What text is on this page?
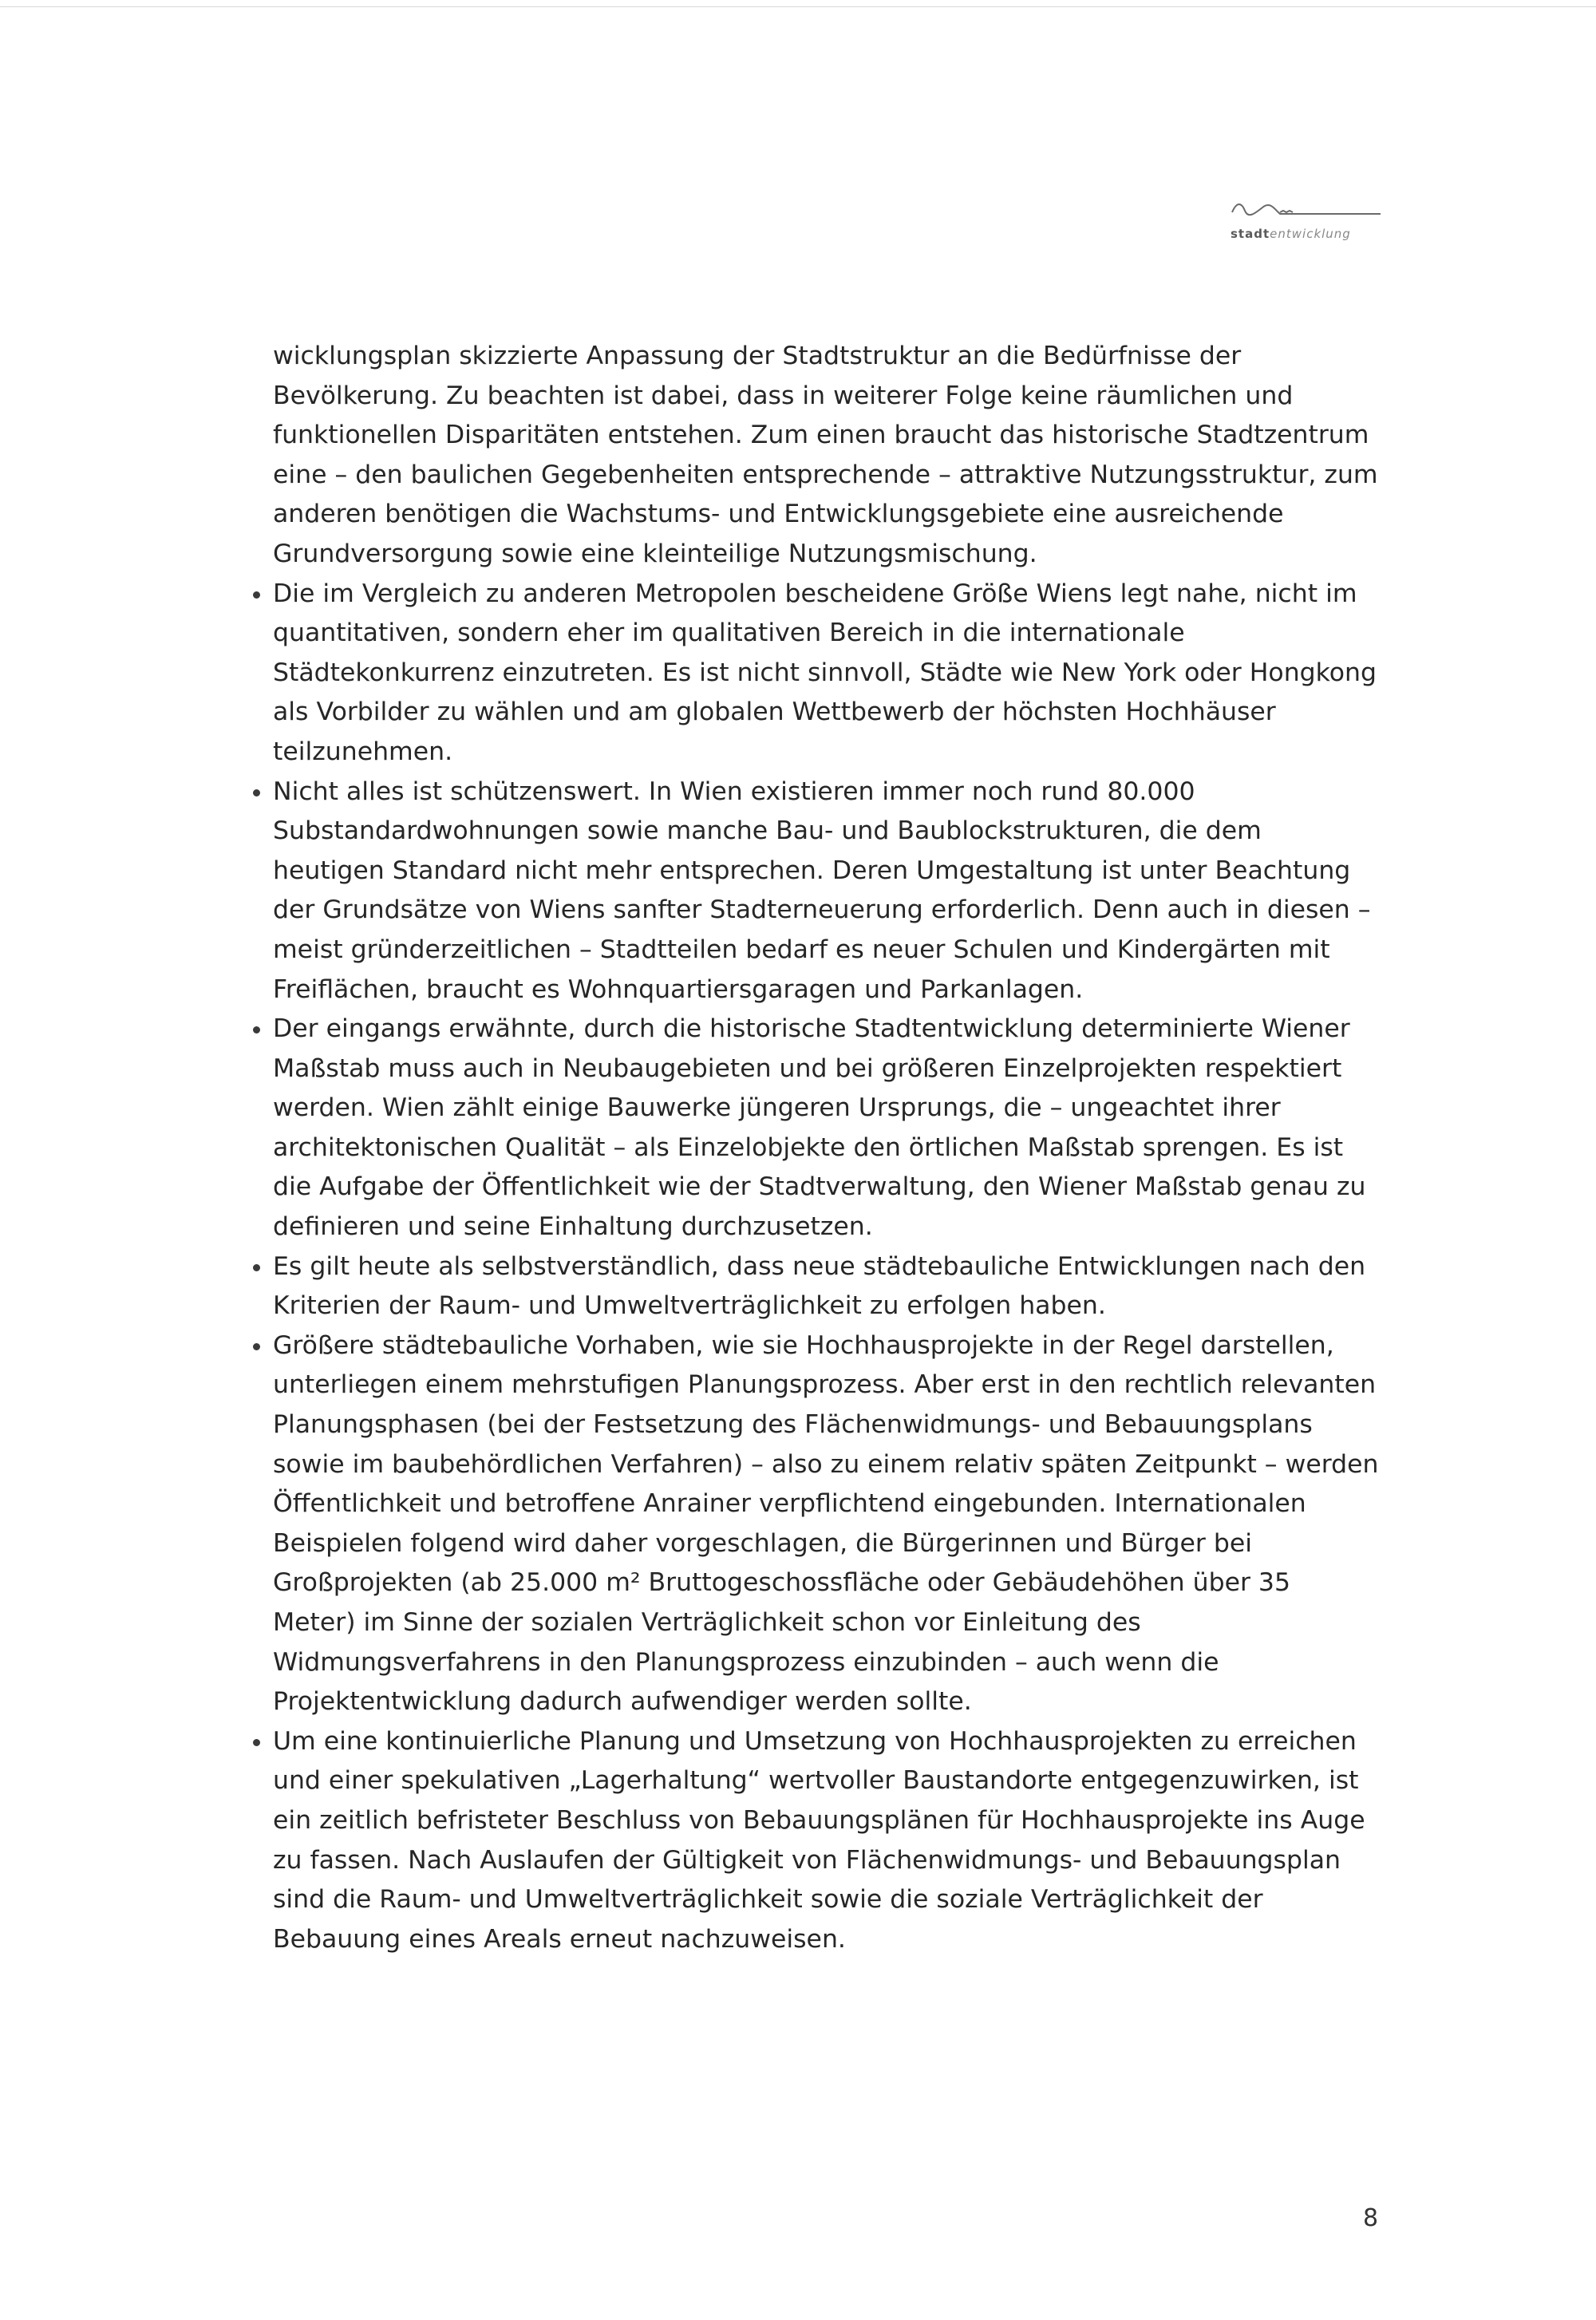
stadtentwicklung

wicklungsplan skizzierte Anpassung der Stadtstruktur an die Bedürfnisse der Bevölkerung. Zu beachten ist dabei, dass in weiterer Folge keine räumlichen und funktionellen Disparitäten entstehen. Zum einen braucht das historische Stadtzentrum eine – den baulichen Gegebenheiten entsprechende – attraktive Nutzungsstruktur, zum anderen benötigen die Wachstums- und Entwicklungsgebiete eine ausreichende Grundversorgung sowie eine kleinteilige Nutzungsmischung.

Die im Vergleich zu anderen Metropolen bescheidene Größe Wiens legt nahe, nicht im quantitativen, sondern eher im qualitativen Bereich in die internationale Städtekonkurrenz einzutreten. Es ist nicht sinnvoll, Städte wie New York oder Hongkong als Vorbilder zu wählen und am globalen Wettbewerb der höchsten Hochhäuser teilzunehmen.
Nicht alles ist schützenswert. In Wien existieren immer noch rund 80.000 Substandardwohnungen sowie manche Bau- und Baublockstrukturen, die dem heutigen Standard nicht mehr entsprechen. Deren Umgestaltung ist unter Beachtung der Grundsätze von Wiens sanfter Stadterneuerung erforderlich. Denn auch in diesen – meist gründerzeitlichen – Stadtteilen bedarf es neuer Schulen und Kindergärten mit Freiflächen, braucht es Wohnquartiersgaragen und Parkanlagen.
Der eingangs erwähnte, durch die historische Stadtentwicklung determinierte Wiener Maßstab muss auch in Neubaugebieten und bei größeren Einzelprojekten respektiert werden. Wien zählt einige Bauwerke jüngeren Ursprungs, die – ungeachtet ihrer architektonischen Qualität – als Einzelobjekte den örtlichen Maßstab sprengen. Es ist die Aufgabe der Öffentlichkeit wie der Stadtverwaltung, den Wiener Maßstab genau zu definieren und seine Einhaltung durchzusetzen.
Es gilt heute als selbstverständlich, dass neue städtebauliche Entwicklungen nach den Kriterien der Raum- und Umweltverträglichkeit zu erfolgen haben.
Größere städtebauliche Vorhaben, wie sie Hochhausprojekte in der Regel darstellen, unterliegen einem mehrstufigen Planungsprozess. Aber erst in den rechtlich relevanten Planungsphasen (bei der Festsetzung des Flächenwidmungs- und Bebauungsplans sowie im baubehördlichen Verfahren) – also zu einem relativ späten Zeitpunkt – werden Öffentlichkeit und betroffene Anrainer verpflichtend eingebunden. Internationalen Beispielen folgend wird daher vorgeschlagen, die Bürgerinnen und Bürger bei Großprojekten (ab 25.000 m² Bruttogeschossfläche oder Gebäudehöhen über 35 Meter) im Sinne der sozialen Verträglichkeit schon vor Einleitung des Widmungsverfahrens in den Planungsprozess einzubinden – auch wenn die Projektentwicklung dadurch aufwendiger werden sollte.
Um eine kontinuierliche Planung und Umsetzung von Hochhausprojekten zu erreichen und einer spekulativen „Lagerhaltung“ wertvoller Baustandorte entgegenzuwirken, ist ein zeitlich befristeter Beschluss von Bebauungsplänen für Hochhausprojekte ins Auge zu fassen. Nach Auslaufen der Gültigkeit von Flächenwidmungs- und Bebauungsplan sind die Raum- und Umweltverträglichkeit sowie die soziale Verträglichkeit der Bebauung eines Areals erneut nachzuweisen.
8
